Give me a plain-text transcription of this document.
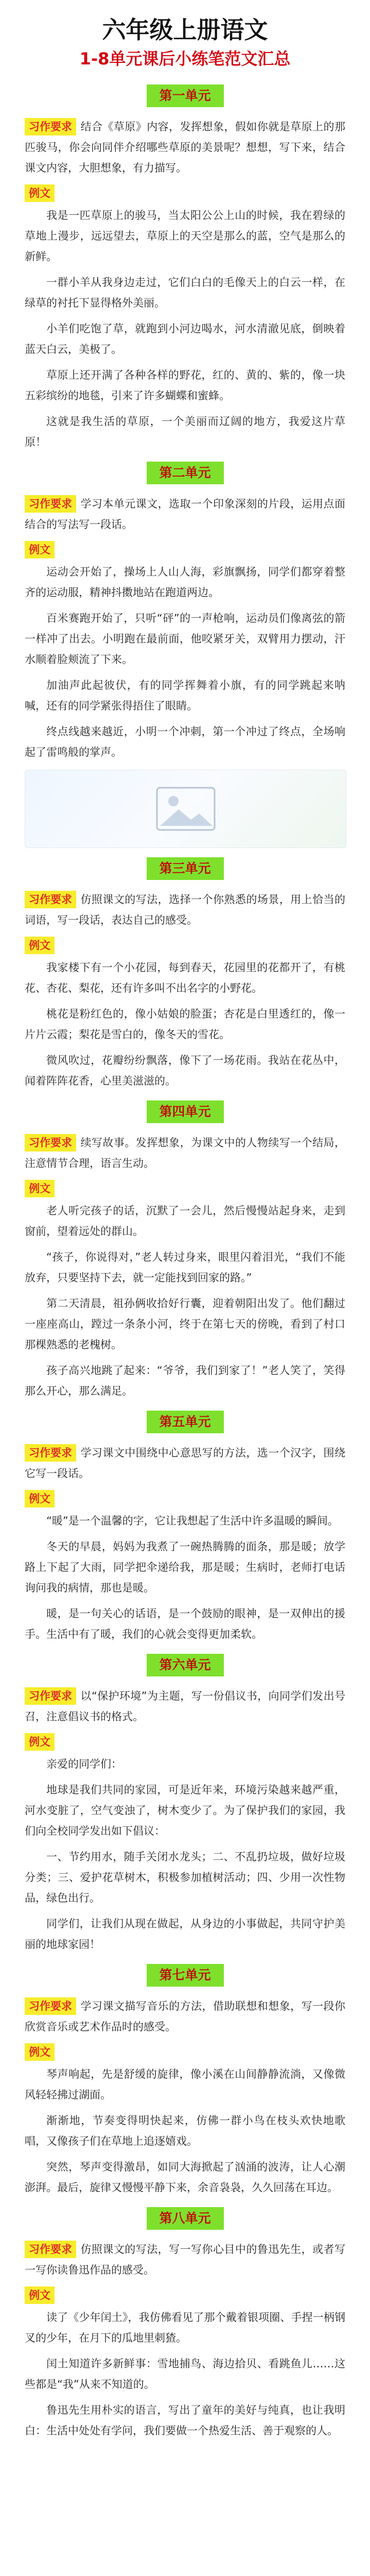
六年级上册语文
1-8单元课后小练笔范文汇总
第一单元

习作要求 结合《草原》内容，发挥想象，假如你就是草原上的那匹骏马，你会向同伴介绍哪些草原的美景呢？想想，写下来，结合课文内容，大胆想象，有力描写。

例文

我是一匹草原上的骏马，当太阳公公上山的时候，我在碧绿的草地上漫步，远远望去，草原上的天空是那么的蓝，空气是那么的新鲜。

一群小羊从我身边走过，它们白白的毛像天上的白云一样，在绿草的衬托下显得格外美丽。

小羊们吃饱了草，就跑到小河边喝水，河水清澈见底，倒映着蓝天白云，美极了。

草原上还开满了各种各样的野花，红的、黄的、紫的，像一块五彩缤纷的地毯，引来了许多蝴蝶和蜜蜂。

这就是我生活的草原，一个美丽而辽阔的地方，我爱这片草原！

第二单元

习作要求 学习本单元课文，选取一个印象深刻的片段，运用点面结合的写法写一段话。

例文

运动会开始了，操场上人山人海，彩旗飘扬，同学们都穿着整齐的运动服，精神抖擞地站在跑道两边。

百米赛跑开始了，只听“砰”的一声枪响，运动员们像离弦的箭一样冲了出去。小明跑在最前面，他咬紧牙关，双臂用力摆动，汗水顺着脸颊流了下来。

加油声此起彼伏，有的同学挥舞着小旗，有的同学跳起来呐喊，还有的同学紧张得捂住了眼睛。

终点线越来越近，小明一个冲刺，第一个冲过了终点，全场响起了雷鸣般的掌声。

第三单元

习作要求 仿照课文的写法，选择一个你熟悉的场景，用上恰当的词语，写一段话，表达自己的感受。

例文

我家楼下有一个小花园，每到春天，花园里的花都开了，有桃花、杏花、梨花，还有许多叫不出名字的小野花。

桃花是粉红色的，像小姑娘的脸蛋；杏花是白里透红的，像一片片云霞；梨花是雪白的，像冬天的雪花。

微风吹过，花瓣纷纷飘落，像下了一场花雨。我站在花丛中，闻着阵阵花香，心里美滋滋的。

第四单元

习作要求 续写故事。发挥想象，为课文中的人物续写一个结局，注意情节合理，语言生动。

例文

老人听完孩子的话，沉默了一会儿，然后慢慢站起身来，走到窗前，望着远处的群山。

“孩子，你说得对，”老人转过身来，眼里闪着泪光，“我们不能放弃，只要坚持下去，就一定能找到回家的路。”

第二天清晨，祖孙俩收拾好行囊，迎着朝阳出发了。他们翻过一座座高山，蹚过一条条小河，终于在第七天的傍晚，看到了村口那棵熟悉的老槐树。

孩子高兴地跳了起来：“爷爷，我们到家了！”老人笑了，笑得那么开心，那么满足。

第五单元

习作要求 学习课文中围绕中心意思写的方法，选一个汉字，围绕它写一段话。

例文

“暖”是一个温馨的字，它让我想起了生活中许多温暖的瞬间。

冬天的早晨，妈妈为我煮了一碗热腾腾的面条，那是暖；放学路上下起了大雨，同学把伞递给我，那是暖；生病时，老师打电话询问我的病情，那也是暖。

暖，是一句关心的话语，是一个鼓励的眼神，是一双伸出的援手。生活中有了暖，我们的心就会变得更加柔软。

第六单元

习作要求 以“保护环境”为主题，写一份倡议书，向同学们发出号召，注意倡议书的格式。

例文

亲爱的同学们：

地球是我们共同的家园，可是近年来，环境污染越来越严重，河水变脏了，空气变浊了，树木变少了。为了保护我们的家园，我们向全校同学发出如下倡议：

一、节约用水，随手关闭水龙头；二、不乱扔垃圾，做好垃圾分类；三、爱护花草树木，积极参加植树活动；四、少用一次性物品，绿色出行。

同学们，让我们从现在做起，从身边的小事做起，共同守护美丽的地球家园！

第七单元

习作要求 学习课文描写音乐的方法，借助联想和想象，写一段你欣赏音乐或艺术作品时的感受。

例文

琴声响起，先是舒缓的旋律，像小溪在山间静静流淌，又像微风轻轻拂过湖面。

渐渐地，节奏变得明快起来，仿佛一群小鸟在枝头欢快地歌唱，又像孩子们在草地上追逐嬉戏。

突然，琴声变得激昂，如同大海掀起了汹涌的波涛，让人心潮澎湃。最后，旋律又慢慢平静下来，余音袅袅，久久回荡在耳边。

第八单元

习作要求 仿照课文的写法，写一写你心目中的鲁迅先生，或者写一写你读鲁迅作品的感受。

例文

读了《少年闰土》，我仿佛看见了那个戴着银项圈、手捏一柄钢叉的少年，在月下的瓜地里刺猹。

闰土知道许多新鲜事：雪地捕鸟、海边拾贝、看跳鱼儿……这些都是“我”从来不知道的。

鲁迅先生用朴实的语言，写出了童年的美好与纯真，也让我明白：生活中处处有学问，我们要做一个热爱生活、善于观察的人。
